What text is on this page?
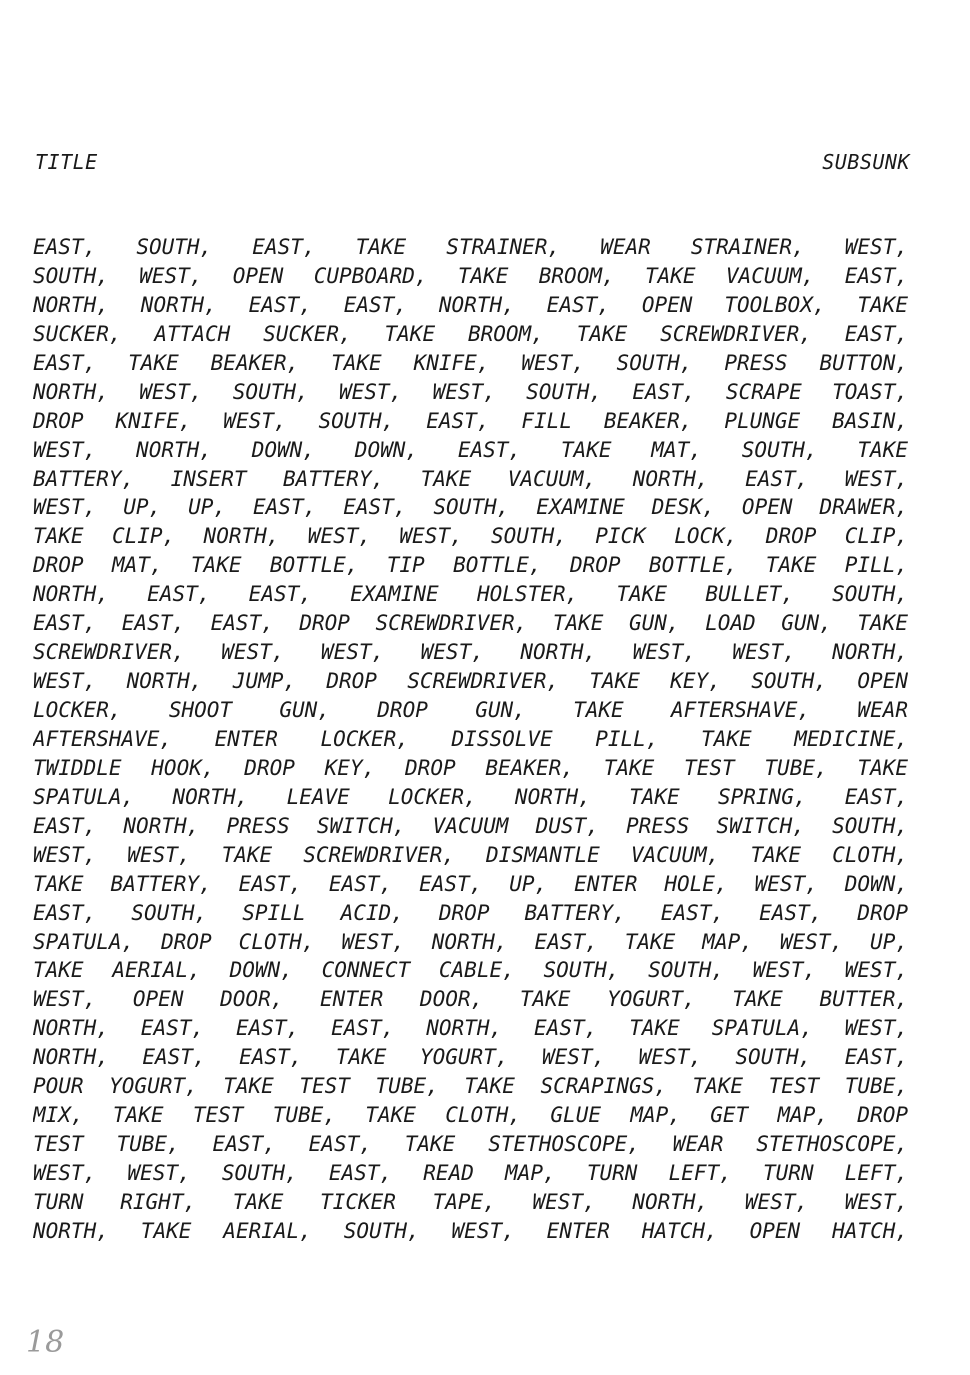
TITLE	SUBSUNK
EAST, SOUTH, EAST, TAKE STRAINER, WEAR STRAINER, WEST,
SOUTH, WEST, OPEN CUPBOARD, TAKE BROOM, TAKE VACUUM, EAST,
NORTH, NORTH, EAST, EAST, NORTH, EAST, OPEN TOOLBOX, TAKE
SUCKER, ATTACH SUCKER, TAKE BROOM, TAKE SCREWDRIVER, EAST,
EAST, TAKE BEAKER, TAKE KNIFE, WEST, SOUTH, PRESS BUTTON,
NORTH, WEST, SOUTH, WEST, WEST, SOUTH, EAST, SCRAPE TOAST,
DROP KNIFE, WEST, SOUTH, EAST, FILL BEAKER, PLUNGE BASIN,
WEST, NORTH, DOWN, DOWN, EAST, TAKE MAT, SOUTH, TAKE
BATTERY, INSERT BATTERY, TAKE VACUUM, NORTH, EAST, WEST,
WEST, UP, UP, EAST, EAST, SOUTH, EXAMINE DESK, OPEN DRAWER,
TAKE CLIP, NORTH, WEST, WEST, SOUTH, PICK LOCK, DROP CLIP,
DROP MAT, TAKE BOTTLE, TIP BOTTLE, DROP BOTTLE, TAKE PILL,
NORTH, EAST, EAST, EXAMINE HOLSTER, TAKE BULLET, SOUTH,
EAST, EAST, EAST, DROP SCREWDRIVER, TAKE GUN, LOAD GUN, TAKE
SCREWDRIVER, WEST, WEST, WEST, NORTH, WEST, WEST, NORTH,
WEST, NORTH, JUMP, DROP SCREWDRIVER, TAKE KEY, SOUTH, OPEN
LOCKER, SHOOT GUN, DROP GUN, TAKE AFTERSHAVE, WEAR
AFTERSHAVE, ENTER LOCKER, DISSOLVE PILL, TAKE MEDICINE,
TWIDDLE HOOK, DROP KEY, DROP BEAKER, TAKE TEST TUBE, TAKE
SPATULA, NORTH, LEAVE LOCKER, NORTH, TAKE SPRING, EAST,
EAST, NORTH, PRESS SWITCH, VACUUM DUST, PRESS SWITCH, SOUTH,
WEST, WEST, TAKE SCREWDRIVER, DISMANTLE VACUUM, TAKE CLOTH,
TAKE BATTERY, EAST, EAST, EAST, UP, ENTER HOLE, WEST, DOWN,
EAST, SOUTH, SPILL ACID, DROP BATTERY, EAST, EAST, DROP
SPATULA, DROP CLOTH, WEST, NORTH, EAST, TAKE MAP, WEST, UP,
TAKE AERIAL, DOWN, CONNECT CABLE, SOUTH, SOUTH, WEST, WEST,
WEST, OPEN DOOR, ENTER DOOR, TAKE YOGURT, TAKE BUTTER,
NORTH, EAST, EAST, EAST, NORTH, EAST, TAKE SPATULA, WEST,
NORTH, EAST, EAST, TAKE YOGURT, WEST, WEST, SOUTH, EAST,
POUR YOGURT, TAKE TEST TUBE, TAKE SCRAPINGS, TAKE TEST TUBE,
MIX, TAKE TEST TUBE, TAKE CLOTH, GLUE MAP, GET MAP, DROP
TEST TUBE, EAST, EAST, TAKE STETHOSCOPE, WEAR STETHOSCOPE,
WEST, WEST, SOUTH, EAST, READ MAP, TURN LEFT, TURN LEFT,
TURN RIGHT, TAKE TICKER TAPE, WEST, NORTH, WEST, WEST,
NORTH, TAKE AERIAL, SOUTH, WEST, ENTER HATCH, OPEN HATCH,
18
